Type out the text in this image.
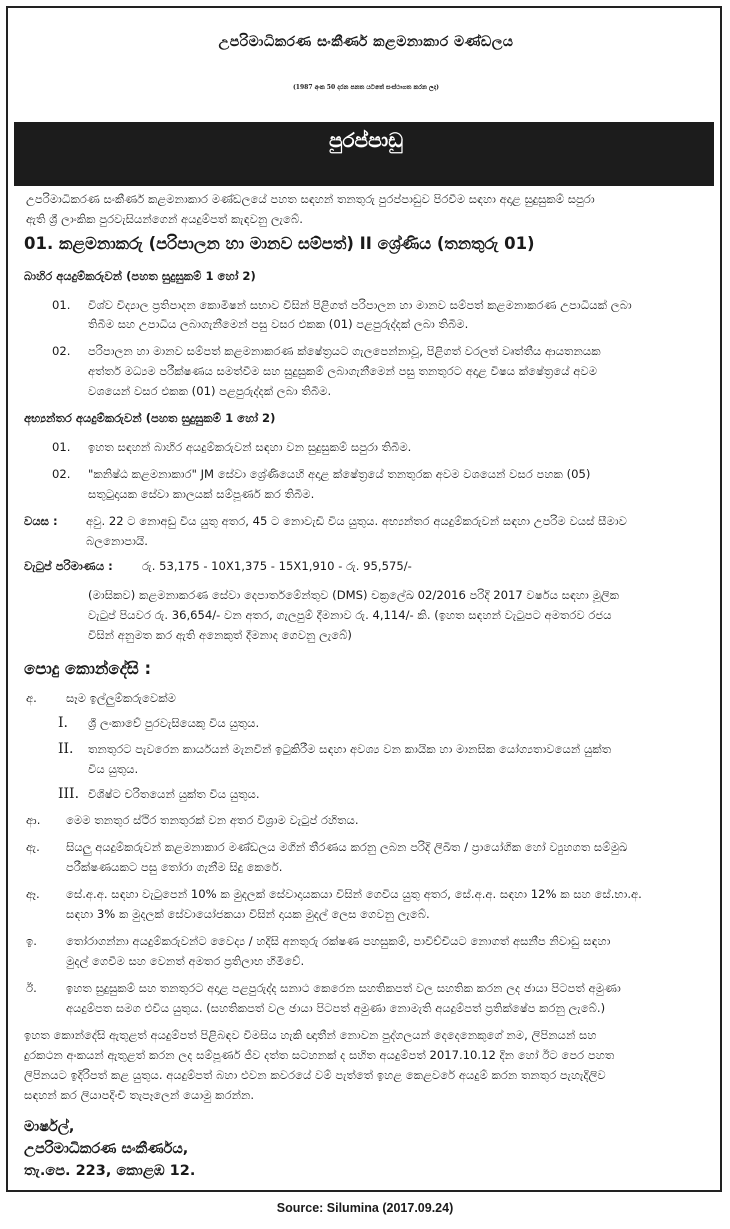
උපරිමාධිකරණ සංකීර්ණ කළමනාකාර මණ්ඩලය
(1987 අංක 50 දරන පනත යටතේ සංස්ථාගත කරන ලද)
පුරප්පාඩු
උපරිමාධිකරණ සංකීර්ණ කළමනාකාර මණ්ඩලයේ පහත සඳහන් තනතුරු පුරප්පාඩුව පිරවීම සඳහා අදාළ සුදුසුකම් සපුරා
ඇති ශ්‍රී ලාංකික පුරවැසියන්ගෙන් අයදුම්පත් කැඳවනු ලැබේ.
01. කළමනාකරු (පරිපාලන හා මානව සම්පත්) II ශ්‍රේණිය (තනතුරු 01)
බාහිර අයදුම්කරුවන් (පහත සුදුසුකම් 1 හෝ 2)
01. විශ්ව විද්‍යාල ප්‍රතිපාදන කොමිෂන් සභාව විසින් පිළිගත් පරිපාලන හා මානව සම්පත් කළමනාකරණ උපාධියක් ලබා
තිබීම සහ උපාධිය ලබාගැනීමෙන් පසු වසර එකක (01) පළපුරුද්දක් ලබා තිබීම.
02. පරිපාලන හා මානව සම්පත් කළමනාකරණ ක්ෂේත්‍රයට ගැලපෙන්නාවූ, පිළිගත් වරලත් වෘත්තීය ආයතනයක
අත්තර් මධ්‍යම පරීක්ෂණය සමත්වීම සහ සුදුසුකම් ලබාගැනීමෙන් පසු තනතුරට අදාළ විෂය ක්ෂේත්‍රයේ අවම
වශයෙන් වසර එකක (01) පළපුරුද්දක් ලබා තිබීම.
අභ්‍යන්තර අයදුම්කරුවන් (පහත සුදුසුකම් 1 හෝ 2)
01. ඉහත සඳහන් බාහිර අයදුම්කරුවන් සඳහා වන සුදුසුකම් සපුරා තිබීම.
02. "කනිෂ්ඨ කළමනාකාර" JM සේවා ශ්‍රේණියෙහි අදාළ ක්ෂේත්‍රයේ තනතුරක අවම වශයෙන් වසර පහක (05)
සතුටුදායක සේවා කාලයක් සම්පූර්ණ කර තිබීම.
වයස : අවු. 22 ට නොඅඩු විය යුතු අතර, 45 ට නොවැඩි විය යුතුය. අභ්‍යන්තර අයදුම්කරුවන් සඳහා උපරිම වයස් සීමාව
බලනොපායි.
වැටුප් පරිමාණය :	රු. 53,175 - 10X1,375 - 15X1,910 - රු. 95,575/-
(මාසිකව) කළමනාකරණ සේවා දෙපාර්තමේන්තුව (DMS) චක්‍රලේඛ 02/2016 පරිදි 2017 වර්ෂය සඳහා මූලික
වැටුප් පියවර රු. 36,654/- වන අතර, ගැලපුම් දීමනාව රු. 4,114/- කි. (ඉහත සඳහන් වැටුපට අමතරව රජය
විසින් අනුමත කර ඇති අනෙකුත් දීමනාද ගෙවනු ලැබේ)
පොදු කොන්දේසි :
අ.	සෑම ඉල්ලුම්කරුවෙක්ම
I. ශ්‍රී ලංකාවේ පුරවැසියෙකු විය යුතුය.
II. තනතුරට පැවරෙන කාර්යයන් මැනවින් ඉටුකිරීම සඳහා අවශ්‍ය වන කායික හා මානසික යෝග්‍යතාවයෙන් යුක්ත
විය යුතුය.
III. විශිෂ්ට චරිතයෙන් යුක්ත විය යුතුය.
ආ. මෙම තනතුර ස්ථිර තනතුරක් වන අතර විශ්‍රාම වැටුප් රහිතය.
ඇ. සියලු අයදුම්කරුවන් කළමනාකාර මණ්ඩලය මගින් තීරණය කරනු ලබන පරිදි ලිඛිත / ප්‍රායෝගික හෝ ව්‍යුහගත සම්මුඛ
පරීක්ෂණයකට පසු තෝරා ගැනීම සිදු කෙරේ.
ඈ. සේ.අ.අ. සඳහා වැටුපෙන් 10% ක මුදලක් සේවාදායකයා විසින් ගෙවිය යුතු අතර, සේ.අ.අ. සඳහා 12% ක සහ සේ.භා.අ.
සඳහා 3% ක මුදලක් සේවායෝජකයා විසින් දායක මුදල් ලෙස ගෙවනු ලැබේ.
ඉ.	තෝරාගන්නා අයදුම්කරුවන්ට වෛද්‍ය / හදිසි අනතුරු රක්ෂණ පහසුකම්, පාවිච්චියට නොගත් අසනීප නිවාඩු සඳහා
මුදල් ගෙවීම සහ වෙනත් අමතර ප්‍රතිලාභ හිමිවේ.
ඊ.	ඉහත සුදුසුකම් සහ තනතුරට අදාළ පළපුරුද්ද සනාථ කෙරෙන සහතිකපත් වල සහතික කරන ලද ඡායා පිටපත් අමුණා
අයදුම්පත සමග එවිය යුතුය. (සහතිකපත් වල ඡායා පිටපත් අමුණා නොමැති අයදුම්පත් ප්‍රතික්ෂේප කරනු ලැබේ.)
ඉහත කොන්දේසි ඇතුළත් අයදුම්පත් පිළිබඳව විමසිය හැකි ඥාතීන් නොවන පුද්ගලයන් දෙදෙනෙකුගේ නම, ලිපිනයන් සහ
දුරකථන අංකයන් ඇතුළත් කරන ලද සම්පූර්ණ ජීව දත්ත සටහනක් ද සහිත අයදුම්පත් 2017.10.12 දින හෝ ඊට පෙර පහත
ලිපිනයට ඉදිරිපත් කළ යුතුය. අයදුම්පත් බහා එවන කවරයේ වම් පැත්තේ ඉහළ කෙළවරේ අයදුම් කරන තනතුර පැහැදිලිව
සඳහන් කර ලියාපදිංචි තැපෑලෙන් යොමු කරන්න.
මාර්ෂල්,
උපරිමාධිකරණ සංකීර්ණය,
තැ.පෙ. 223, කොළඹ 12.
Source: Silumina (2017.09.24)
